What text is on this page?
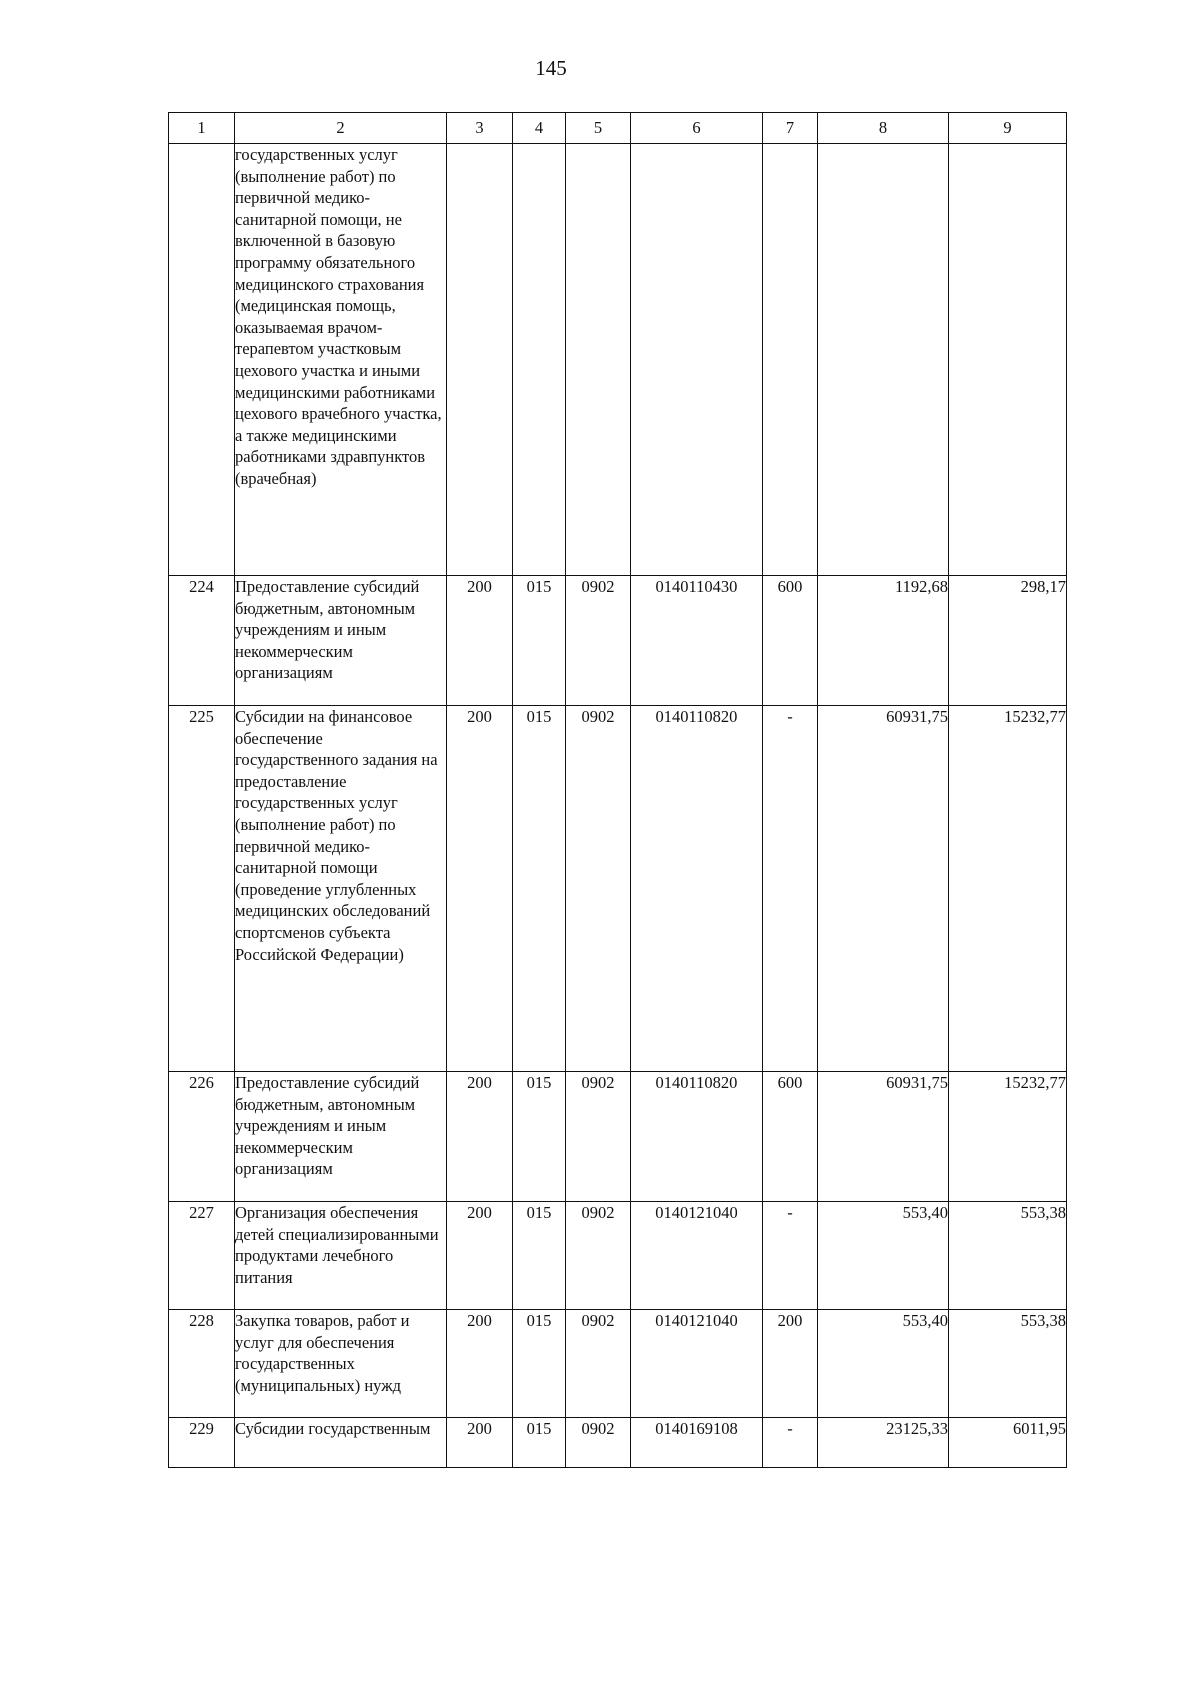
145
1	2	3	4	5	6	7	8	9
	государственных услуг (выполнение работ) по первичной медико-санитарной помощи, не включенной в базовую программу обязательного медицинского страхования (медицинская помощь, оказываемая врачом-терапевтом участковым цехового участка и иными медицинскими работниками цехового врачебного участка, а также медицинскими работниками здравпунктов (врачебная)							
224	Предоставление субсидий бюджетным, автономным учреждениям и иным некоммерческим организациям	200	015	0902	0140110430	600	1192,68	298,17
225	Субсидии на финансовое обеспечение государственного задания на предоставление государственных услуг (выполнение работ) по первичной медико-санитарной помощи (проведение углубленных медицинских обследований спортсменов субъекта Российской Федерации)	200	015	0902	0140110820	-	60931,75	15232,77
226	Предоставление субсидий бюджетным, автономным учреждениям и иным некоммерческим организациям	200	015	0902	0140110820	600	60931,75	15232,77
227	Организация обеспечения детей специализированными продуктами лечебного питания	200	015	0902	0140121040	-	553,40	553,38
228	Закупка товаров, работ и услуг для обеспечения государственных (муниципальных) нужд	200	015	0902	0140121040	200	553,40	553,38
229	Субсидии государственным	200	015	0902	0140169108	-	23125,33	6011,95
